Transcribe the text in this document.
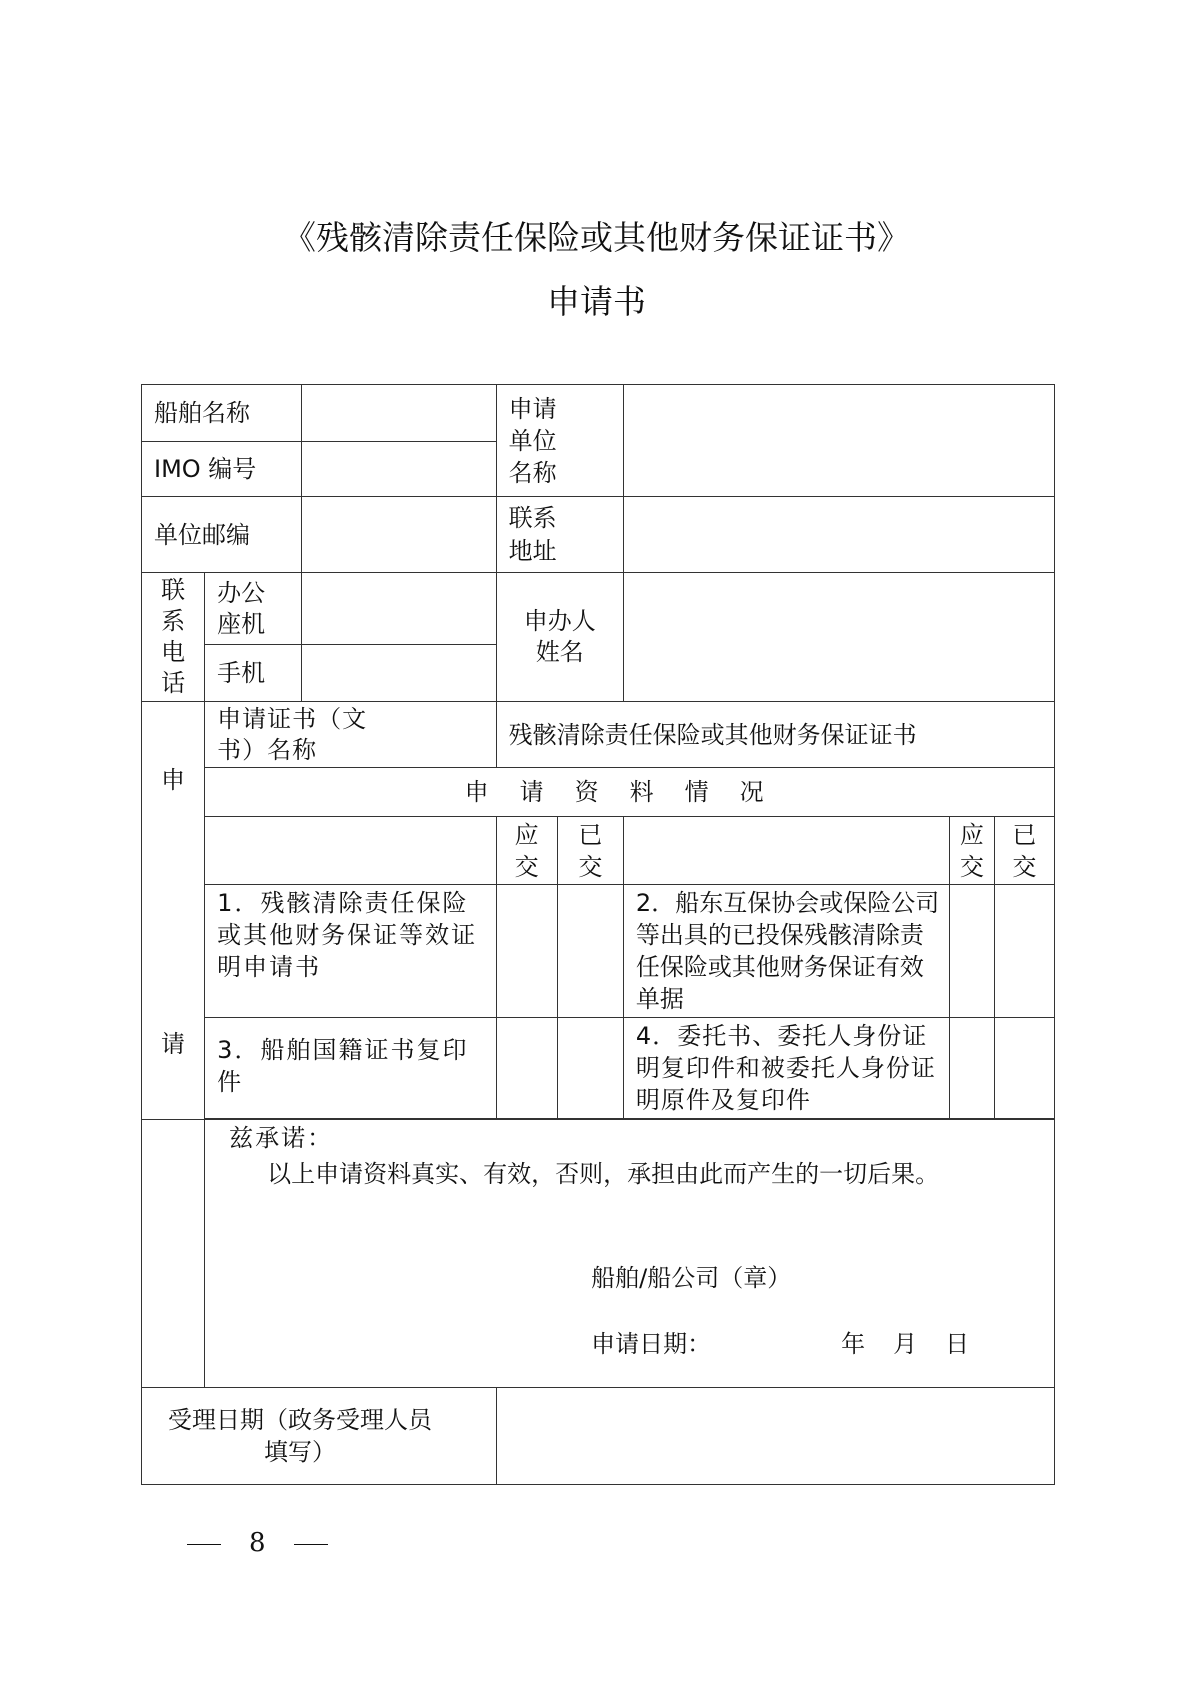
《残骸清除责任保险或其他财务保证证书》
申请书
船舶名称			申请单位名称				

IMO 编号							
单位邮编			联系地址				

联系电话	办公座机		申办人姓名				

	手机						

申
请	申请证书（文书）名称		残骸清除责任保险或其他财务保证证书				
	申请资料情况						

			应交	已交		应交	已交

	1．残骸清除责任保险或其他财务保证等效证明申请书				2．船东互保协会或保险公司等出具的已投保残骸清除责任保险或其他财务保证有效单据		
	3．船舶国籍证书复印件				4．委托书、委托人身份证明复印件和被委托人身份证明原件及复印件		

	兹承诺：
以上申请资料真实、有效，否则，承担由此而产生的一切后果。
船舶/船公司（章）
申请日期： 年 月 日						

受理日期（政务受理人员填写）							

8
